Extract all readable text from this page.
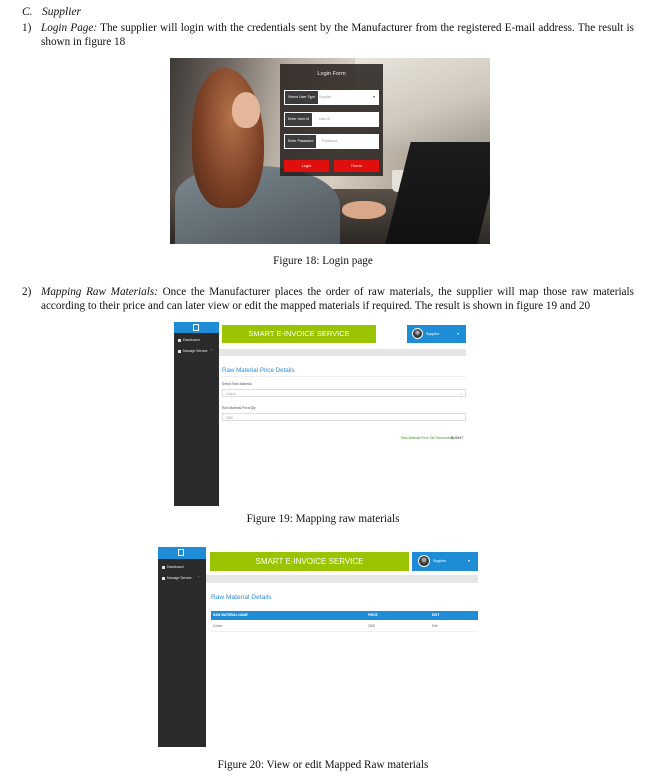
C. Supplier
1) Login Page: The supplier will login with the credentials sent by the Manufacturer from the registered E-mail address. The result is shown in figure 18
Login Form
Select User Type	Supplier
Enter User Id	User Id
Enter Password	Password
Login	Home
Figure 18: Login page
2) Mapping Raw Materials: Once the Manufacturer places the order of raw materials, the supplier will map those raw materials according to their price and can later view or edit the mapped materials if required. The result is shown in figure 19 and 20
Dashboard
Manage Service ›
SMART E-INVOICE SERVICE	Supplier	▾
Raw Material Price Details
Select Raw Material
Cotton	⌄
Raw Material Price/Qty
2000
Raw Material Price Set Successfully
SUBMIT
Figure 19: Mapping raw materials
Dashboard
Manage Service ›
SMART E-INVOICE SERVICE	Supplier	▾
Raw Material Details
RAW MATERIAL NAME	PRICE	EDIT
Cotton	2000	Edit
Figure 20: View or edit Mapped Raw materials
